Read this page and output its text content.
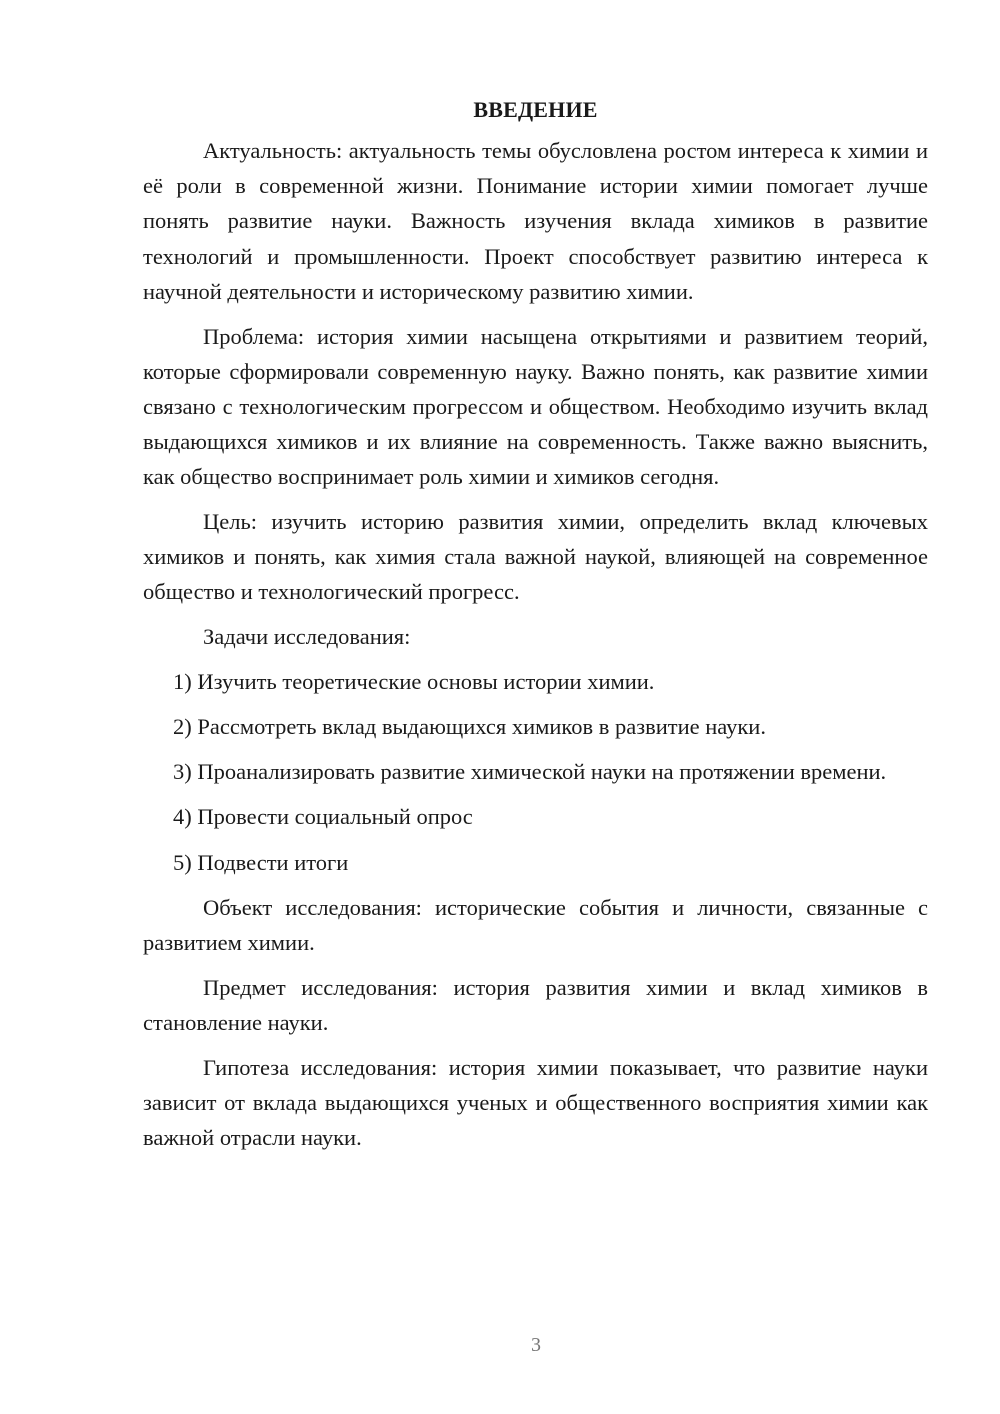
ВВЕДЕНИЕ

Актуальность: актуальность темы обусловлена ростом интереса к химии и её роли в современной жизни. Понимание истории химии помогает лучше понять развитие науки. Важность изучения вклада химиков в развитие технологий и промышленности. Проект способствует развитию интереса к научной деятельности и историческому развитию химии.

Проблема: история химии насыщена открытиями и развитием теорий, которые сформировали современную науку. Важно понять, как развитие химии связано с технологическим прогрессом и обществом. Необходимо изучить вклад выдающихся химиков и их влияние на современность. Также важно выяснить, как общество воспринимает роль химии и химиков сегодня.

Цель: изучить историю развития химии, определить вклад ключевых химиков и понять, как химия стала важной наукой, влияющей на современное общество и технологический прогресс.

Задачи исследования:

1) Изучить теоретические основы истории химии.

2) Рассмотреть вклад выдающихся химиков в развитие науки.

3) Проанализировать развитие химической науки на протяжении времени.

4) Провести социальный опрос

5) Подвести итоги

Объект исследования: исторические события и личности, связанные с развитием химии.

Предмет исследования: история развития химии и вклад химиков в становление науки.

Гипотеза исследования: история химии показывает, что развитие науки зависит от вклада выдающихся ученых и общественного восприятия химии как важной отрасли науки.

3
